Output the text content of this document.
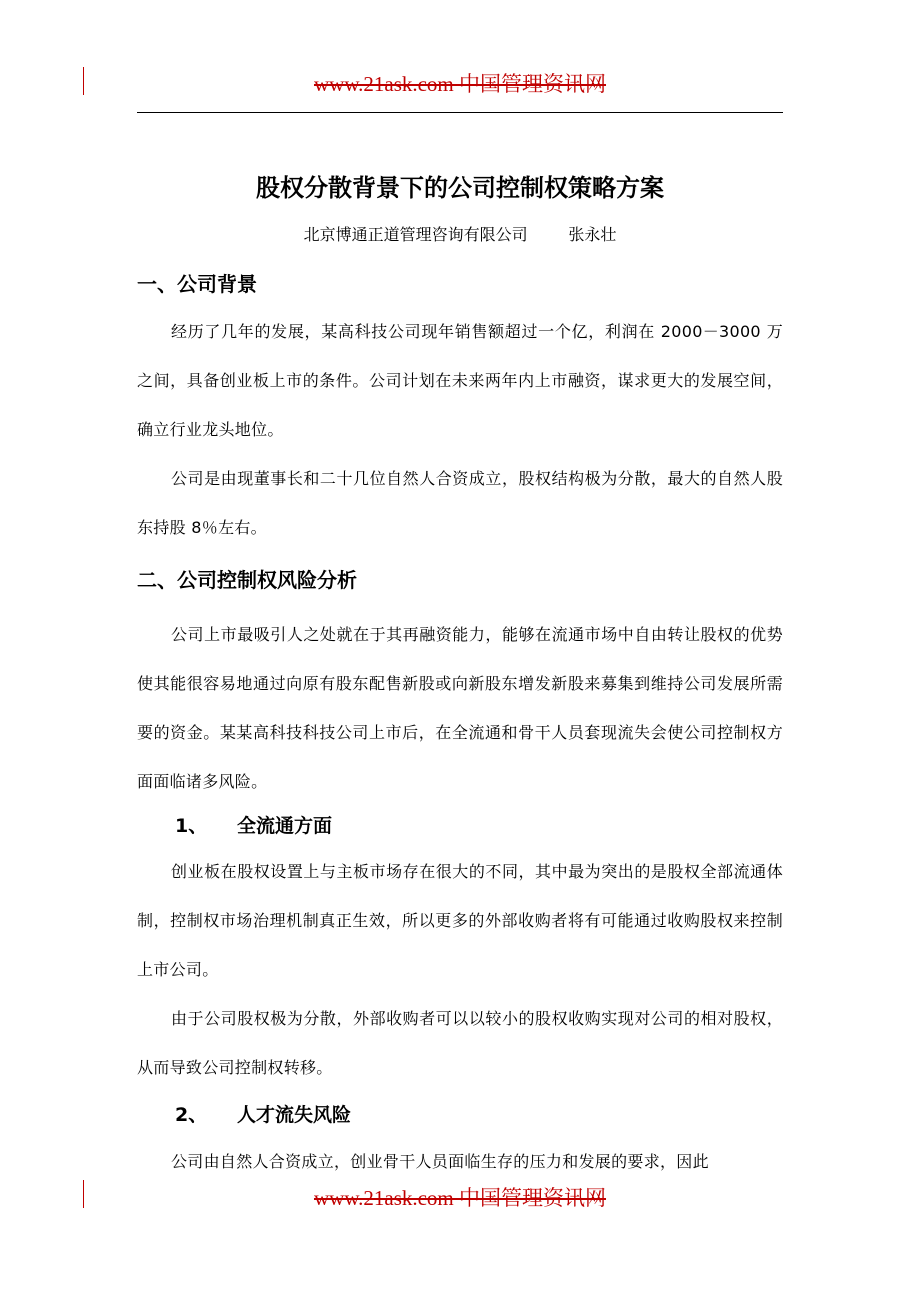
www.21ask.com 中国管理资讯网
股权分散背景下的公司控制权策略方案
北京博通正道管理咨询有限公司        张永壮
一、公司背景
经历了几年的发展，某高科技公司现年销售额超过一个亿，利润在 2000－3000 万之间，具备创业板上市的条件。公司计划在未来两年内上市融资，谋求更大的发展空间，确立行业龙头地位。
公司是由现董事长和二十几位自然人合资成立，股权结构极为分散，最大的自然人股东持股 8％左右。
二、公司控制权风险分析
公司上市最吸引人之处就在于其再融资能力，能够在流通市场中自由转让股权的优势使其能很容易地通过向原有股东配售新股或向新股东增发新股来募集到维持公司发展所需要的资金。某某高科技科技公司上市后，在全流通和骨干人员套现流失会使公司控制权方面面临诸多风险。
1、 全流通方面
创业板在股权设置上与主板市场存在很大的不同，其中最为突出的是股权全部流通体制，控制权市场治理机制真正生效，所以更多的外部收购者将有可能通过收购股权来控制上市公司。
由于公司股权极为分散，外部收购者可以以较小的股权收购实现对公司的相对股权，从而导致公司控制权转移。
2、 人才流失风险
公司由自然人合资成立，创业骨干人员面临生存的压力和发展的要求，因此
www.21ask.com 中国管理资讯网
